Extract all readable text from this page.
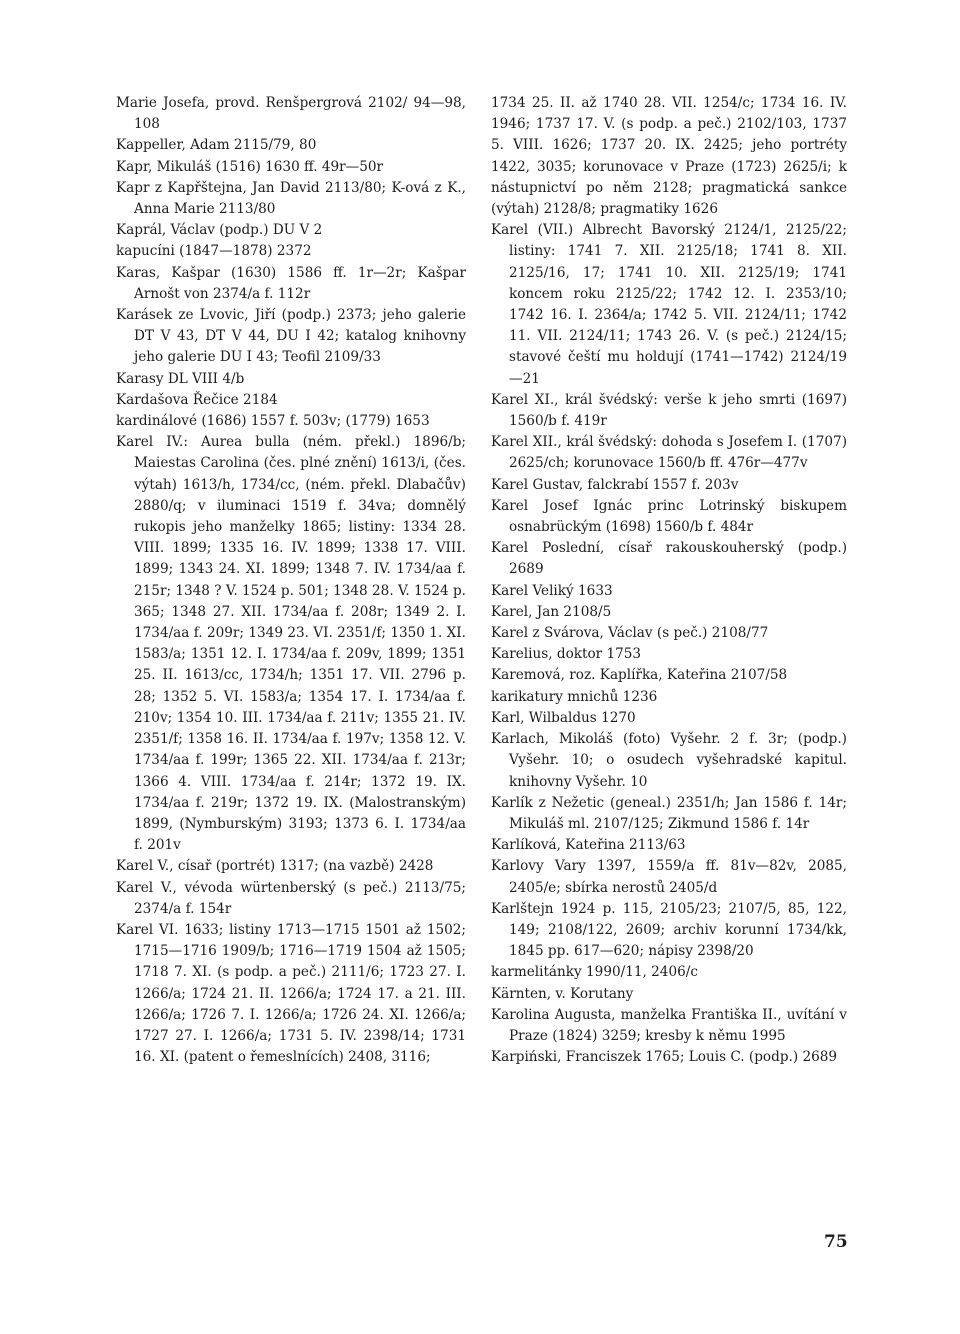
Marie Josefa, provd. Renšpergrová 2102/ 94—98, 108

Kappeller, Adam 2115/79, 80

Kapr, Mikuláš (1516) 1630 ff. 49r—50r

Kapr z Kapřštejna, Jan David 2113/80; K-ová z K., Anna Marie 2113/80

Kaprál, Václav (podp.) DU V 2

kapucíni (1847—1878) 2372

Karas, Kašpar (1630) 1586 ff. 1r—2r; Kašpar Arnošt von 2374/a f. 112r

Karásek ze Lvovic, Jiří (podp.) 2373; jeho galerie DT V 43, DT V 44, DU I 42; katalog knihovny jeho galerie DU I 43; Teofil 2109/33

Karasy DL VIII 4/b

Kardašova Řečice 2184

kardinálové (1686) 1557 f. 503v; (1779) 1653

Karel IV.: Aurea bulla (ném. překl.) 1896/b; Maiestas Carolina (čes. plné znění) 1613/i, (čes. výtah) 1613/h, 1734/cc, (ném. překl. Dlabačův) 2880/q; v iluminaci 1519 f. 34va; domnělý rukopis jeho manželky 1865; listiny: 1334 28. VIII. 1899; 1335 16. IV. 1899; 1338 17. VIII. 1899; 1343 24. XI. 1899; 1348 7. IV. 1734/aa f. 215r; 1348 ? V. 1524 p. 501; 1348 28. V. 1524 p. 365; 1348 27. XII. 1734/aa f. 208r; 1349 2. I. 1734/aa f. 209r; 1349 23. VI. 2351/f; 1350 1. XI. 1583/a; 1351 12. I. 1734/aa f. 209v, 1899; 1351 25. II. 1613/cc, 1734/h; 1351 17. VII. 2796 p. 28; 1352 5. VI. 1583/a; 1354 17. I. 1734/aa f. 210v; 1354 10. III. 1734/aa f. 211v; 1355 21. IV. 2351/f; 1358 16. II. 1734/aa f. 197v; 1358 12. V. 1734/aa f. 199r; 1365 22. XII. 1734/aa f. 213r; 1366 4. VIII. 1734/aa f. 214r; 1372 19. IX. 1734/aa f. 219r; 1372 19. IX. (Malostranským) 1899, (Nymburským) 3193; 1373 6. I. 1734/aa f. 201v

Karel V., císař (portrét) 1317; (na vazbě) 2428

Karel V., vévoda würtenberský (s peč.) 2113/75; 2374/a f. 154r

Karel VI. 1633; listiny 1713—1715 1501 až 1502; 1715—1716 1909/b; 1716—1719 1504 až 1505; 1718 7. XI. (s podp. a peč.) 2111/6; 1723 27. I. 1266/a; 1724 21. II. 1266/a; 1724 17. a 21. III. 1266/a; 1726 7. I. 1266/a; 1726 24. XI. 1266/a; 1727 27. I. 1266/a; 1731 5. IV. 2398/14; 1731 16. XI. (patent o řemeslnících) 2408, 3116;

1734 25. II. až 1740 28. VII. 1254/c; 1734 16. IV. 1946; 1737 17. V. (s podp. a peč.) 2102/103, 1737 5. VIII. 1626; 1737 20. IX. 2425; jeho portréty 1422, 3035; korunovace v Praze (1723) 2625/i; k nástupnictví po něm 2128; pragmatická sankce (výtah) 2128/8; pragmatiky 1626

Karel (VII.) Albrecht Bavorský 2124/1, 2125/22; listiny: 1741 7. XII. 2125/18; 1741 8. XII. 2125/16, 17; 1741 10. XII. 2125/19; 1741 koncem roku 2125/22; 1742 12. I. 2353/10; 1742 16. I. 2364/a; 1742 5. VII. 2124/11; 1742 11. VII. 2124/11; 1743 26. V. (s peč.) 2124/15; stavové čeští mu holdují (1741—1742) 2124/19—21

Karel XI., král švédský: verše k jeho smrti (1697) 1560/b f. 419r

Karel XII., král švédský: dohoda s Josefem I. (1707) 2625/ch; korunovace 1560/b ff. 476r—477v

Karel Gustav, falckrabí 1557 f. 203v

Karel Josef Ignác princ Lotrinský biskupem osnabrückým (1698) 1560/b f. 484r

Karel Poslední, císař rakouskouherský (podp.) 2689

Karel Veliký 1633

Karel, Jan 2108/5

Karel z Svárova, Václav (s peč.) 2108/77

Karelius, doktor 1753

Karemová, roz. Kaplířka, Kateřina 2107/58

karikatury mnichů 1236

Karl, Wilbaldus 1270

Karlach, Mikoláš (foto) Vyšehr. 2 f. 3r; (podp.) Vyšehr. 10; o osudech vyšehradské kapitul. knihovny Vyšehr. 10

Karlík z Nežetic (geneal.) 2351/h; Jan 1586 f. 14r; Mikuláš ml. 2107/125; Zikmund 1586 f. 14r

Karlíková, Kateřina 2113/63

Karlovy Vary 1397, 1559/a ff. 81v—82v, 2085, 2405/e; sbírka nerostů 2405/d

Karlštejn 1924 p. 115, 2105/23; 2107/5, 85, 122, 149; 2108/122, 2609; archiv korunní 1734/kk, 1845 pp. 617—620; nápisy 2398/20

karmelitánky 1990/11, 2406/c

Kärnten, v. Korutany

Karolina Augusta, manželka Františka II., uvítání v Praze (1824) 3259; kresby k němu 1995

Karpiński, Franciszek 1765; Louis C. (podp.) 2689

75
